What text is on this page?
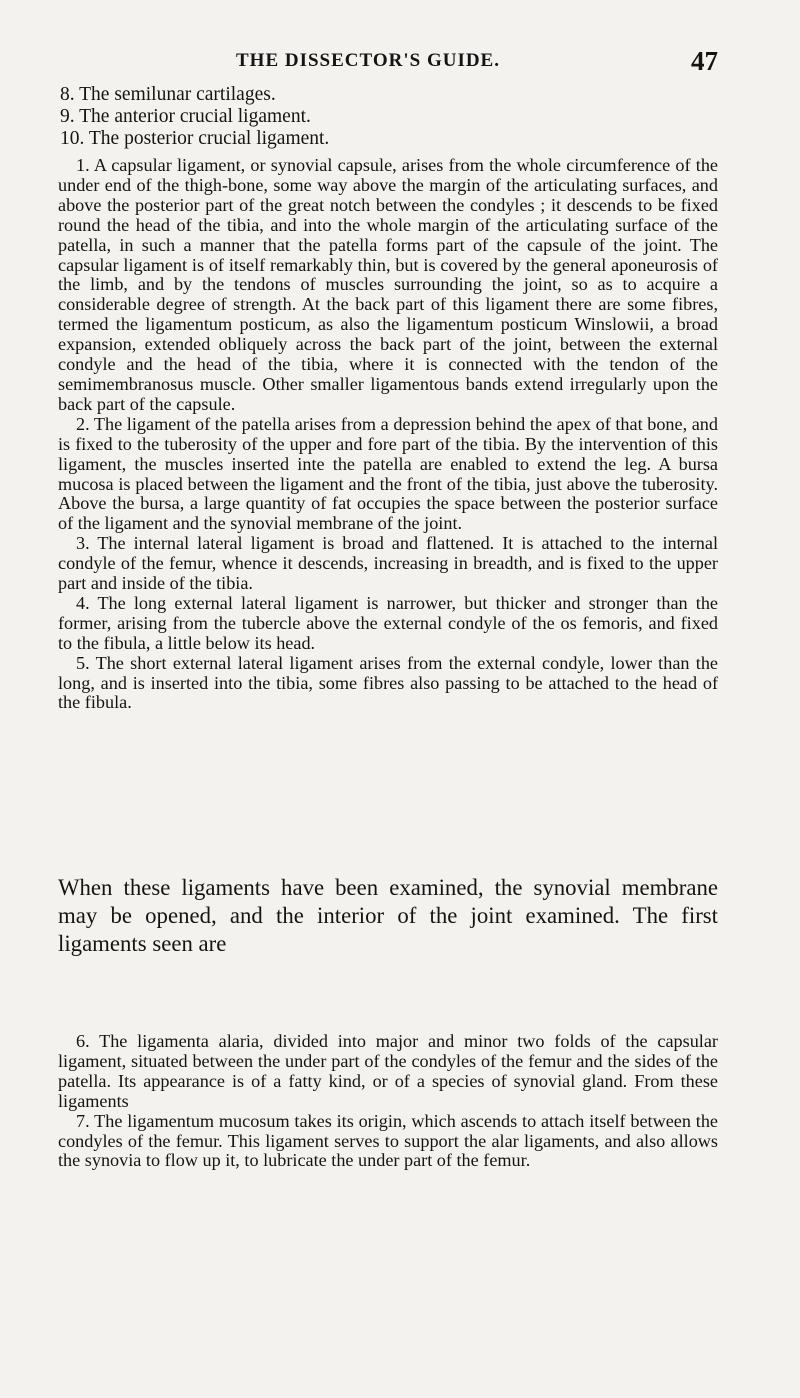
THE DISSECTOR'S GUIDE.	47
8. The semilunar cartilages.
9. The anterior crucial ligament.
10. The posterior crucial ligament.

1. A capsular ligament, or synovial capsule, arises from the whole circumference of the under end of the thigh-bone, some way above the margin of the articulating surfaces, and above the posterior part of the great notch between the condyles ; it descends to be fixed round the head of the tibia, and into the whole margin of the articulating surface of the patella, in such a manner that the patella forms part of the capsule of the joint. The capsular ligament is of itself remarkably thin, but is covered by the general aponeurosis of the limb, and by the tendons of muscles surrounding the joint, so as to acquire a considerable degree of strength. At the back part of this ligament there are some fibres, termed the ligamentum posticum, as also the ligamentum posticum Winslowii, a broad expansion, extended obliquely across the back part of the joint, between the external condyle and the head of the tibia, where it is connected with the tendon of the semimembranosus muscle. Other smaller ligamentous bands extend irregularly upon the back part of the capsule.

2. The ligament of the patella arises from a depression behind the apex of that bone, and is fixed to the tuberosity of the upper and fore part of the tibia. By the intervention of this ligament, the muscles inserted inte the patella are enabled to extend the leg. A bursa mucosa is placed between the ligament and the front of the tibia, just above the tuberosity. Above the bursa, a large quantity of fat occupies the space between the posterior surface of the ligament and the synovial membrane of the joint.

3. The internal lateral ligament is broad and flattened. It is attached to the internal condyle of the femur, whence it descends, increasing in breadth, and is fixed to the upper part and inside of the tibia.

4. The long external lateral ligament is narrower, but thicker and stronger than the former, arising from the tubercle above the external condyle of the os femoris, and fixed to the fibula, a little below its head.

5. The short external lateral ligament arises from the external condyle, lower than the long, and is inserted into the tibia, some fibres also passing to be attached to the head of the fibula.

When these ligaments have been examined, the synovial membrane may be opened, and the interior of the joint examined. The first ligaments seen are

6. The ligamenta alaria, divided into major and minor two folds of the capsular ligament, situated between the under part of the condyles of the femur and the sides of the patella. Its appearance is of a fatty kind, or of a species of synovial gland. From these ligaments

7. The ligamentum mucosum takes its origin, which ascends to attach itself between the condyles of the femur. This ligament serves to support the alar ligaments, and also allows the synovia to flow up it, to lubricate the under part of the femur.
